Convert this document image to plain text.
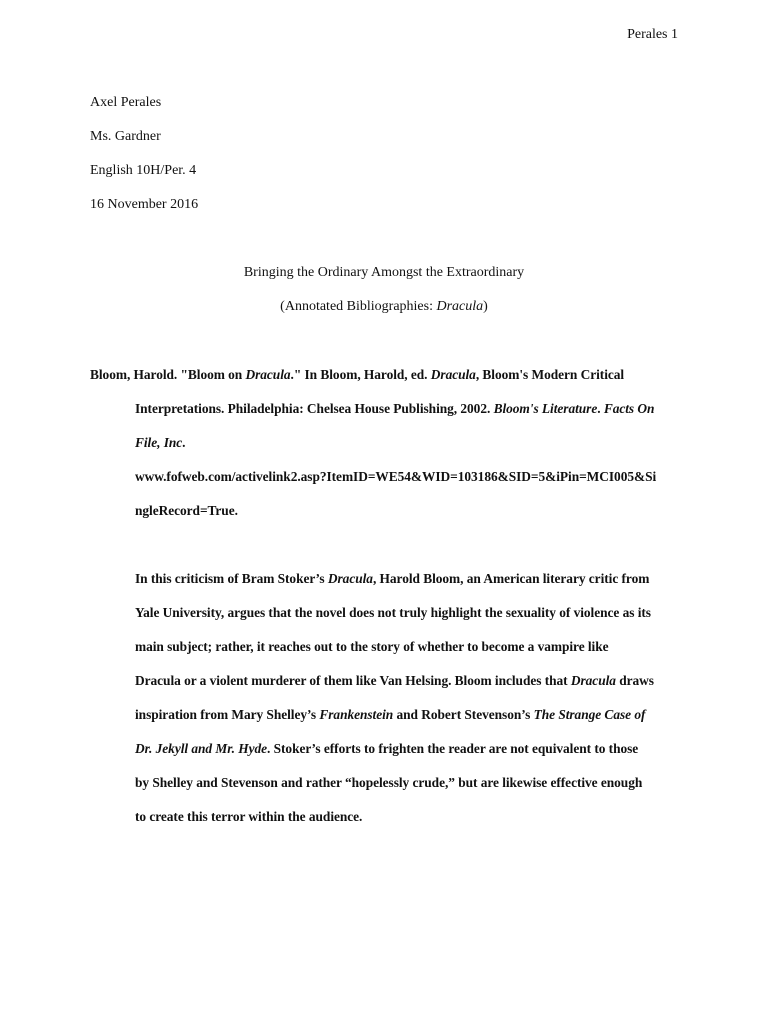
Perales 1
Axel Perales
Ms. Gardner
English 10H/Per. 4
16 November 2016
Bringing the Ordinary Amongst the Extraordinary
(Annotated Bibliographies: Dracula)
Bloom, Harold. "Bloom on Dracula." In Bloom, Harold, ed. Dracula, Bloom's Modern Critical
Interpretations. Philadelphia: Chelsea House Publishing, 2002. Bloom's Literature. Facts On
File, Inc.
www.fofweb.com/activelink2.asp?ItemID=WE54&WID=103186&SID=5&iPin=MCI005&Si
ngleRecord=True.
In this criticism of Bram Stoker’s Dracula, Harold Bloom, an American literary critic from
Yale University, argues that the novel does not truly highlight the sexuality of violence as its
main subject; rather, it reaches out to the story of whether to become a vampire like
Dracula or a violent murderer of them like Van Helsing. Bloom includes that Dracula draws
inspiration from Mary Shelley’s Frankenstein and Robert Stevenson’s The Strange Case of
Dr. Jekyll and Mr. Hyde. Stoker’s efforts to frighten the reader are not equivalent to those
by Shelley and Stevenson and rather “hopelessly crude,” but are likewise effective enough
to create this terror within the audience.
